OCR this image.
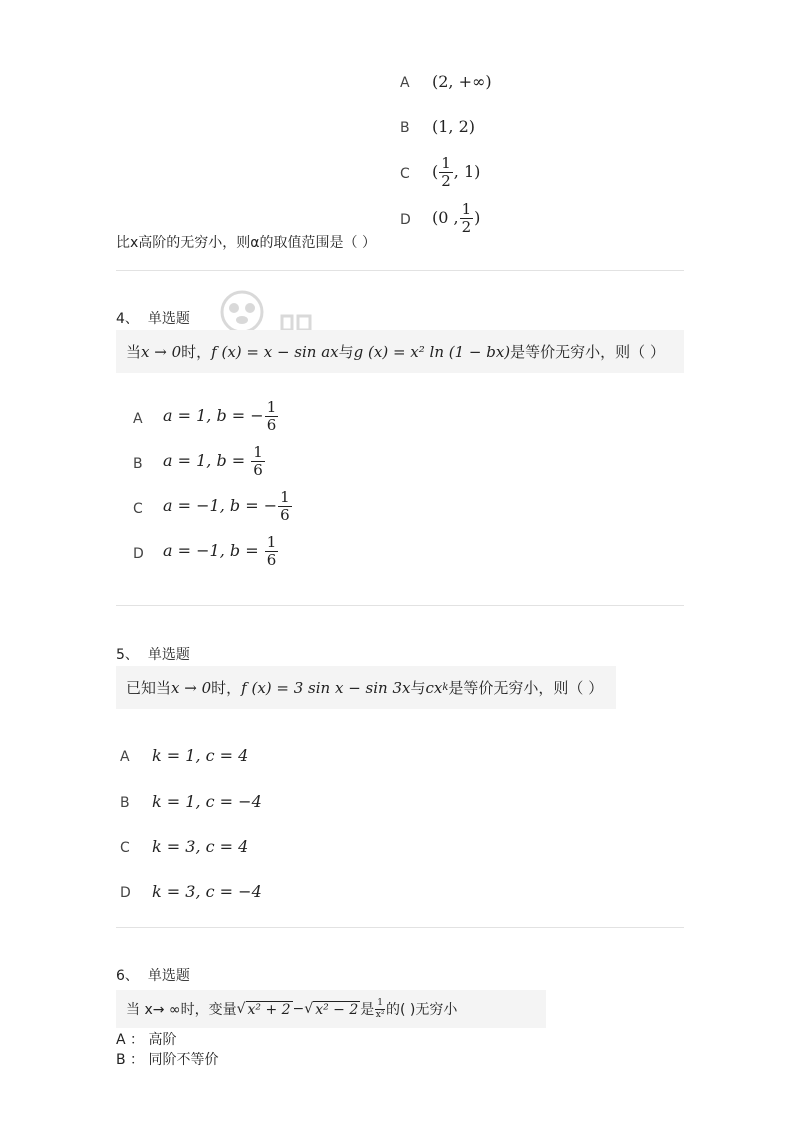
A (2, +∞)
B (1, 2)
C ( $\frac{1}{2}$ , 1)
D (0 , $\frac{1}{2}$ )
比x高阶的无穷小，则α的取值范围是（ ）
4、 单选题
当 x → 0 时， f (x) = x − sin ax 与 g (x) = x² ln (1 − bx) 是等价无穷小，则（ ）
A a = 1, b = − $\frac{1}{6}$
B a = 1, $b = \frac{1}{6}$
C a = −1, b = − $\frac{1}{6}$
D a = −1, $b = \frac{1}{6}$
5、 单选题
已知当 x → 0 时， f (x) = 3 sin x − sin 3x 与 cx k 是等价无穷小，则（ ）
A k = 1, c = 4
B k = 1, c = −4
C k = 3, c = 4
D k = 3, c = −4
6、 单选题
当 x→ ∞时，变量 √ x² + 2 − √ x² − 2 是 $\frac{1}{\text{x²}}$ 的( )无穷小
A ： 高阶
B ： 同阶不等价
